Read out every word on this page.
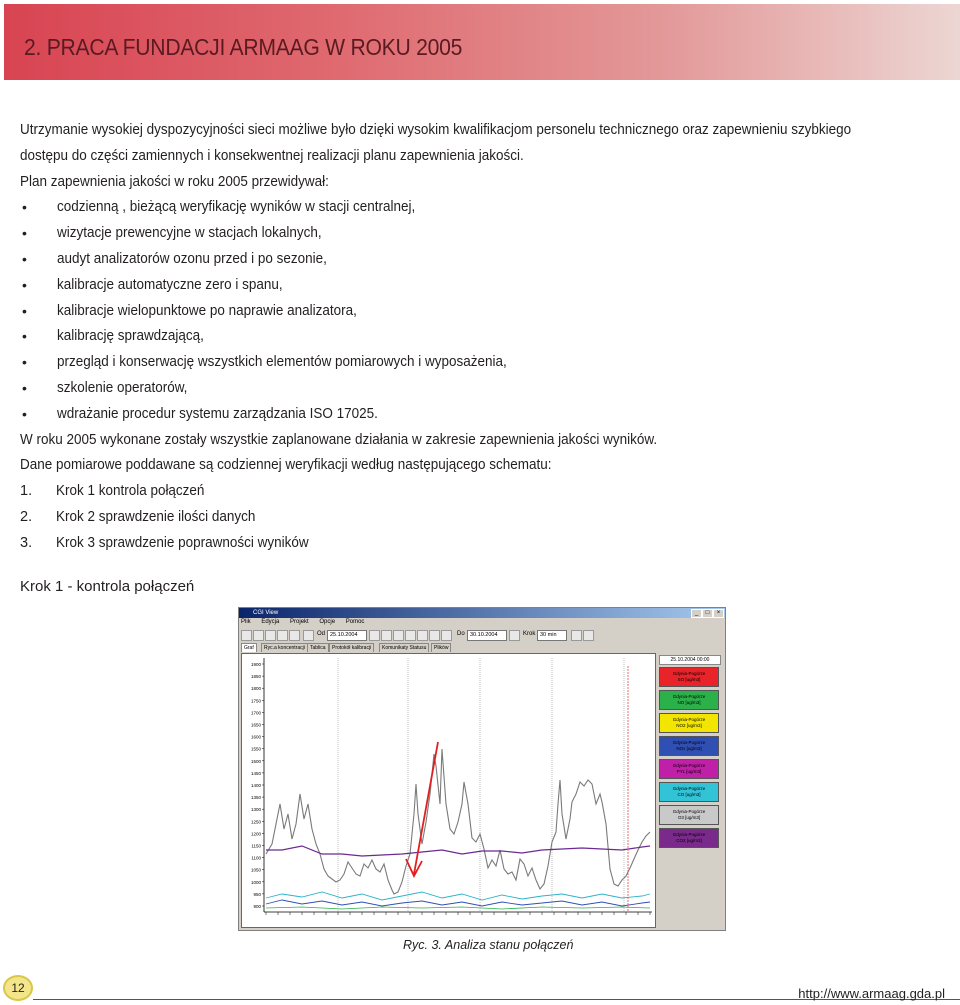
2. PRACA FUNDACJI ARMAAG W ROKU 2005

Utrzymanie wysokiej dyspozycyjności sieci możliwe było dzięki wysokim kwalifikacjom personelu technicznego oraz zapewnieniu szybkiego

dostępu do części zamiennych i konsekwentnej realizacji planu zapewnienia jakości.

Plan zapewnienia jakości w roku 2005 przewidywał:

• codzienną , bieżącą weryfikację wyników w stacji centralnej,
• wizytacje prewencyjne w stacjach lokalnych,
• audyt analizatorów ozonu przed i po sezonie,
• kalibracje automatyczne zero i spanu,
• kalibracje wielopunktowe po naprawie analizatora,
• kalibrację sprawdzającą,
• przegląd i konserwację wszystkich elementów pomiarowych i wyposażenia,
• szkolenie operatorów,
• wdrażanie procedur systemu zarządzania ISO 17025.

W roku 2005 wykonane zostały wszystkie zaplanowane działania w zakresie zapewnienia jakości wyników.

Dane pomiarowe poddawane są codziennej weryfikacji według następującego schematu:

1. Krok 1 kontrola połączeń
2. Krok 2 sprawdzenie ilości danych
3. Krok 3 sprawdzenie poprawności wyników
Krok 1 - kontrola połączeń
CGI View	_	□	×
Plik Edycja Projekt Opcje Pomoc
Od 25.10.2004	Do 30.10.2004	Krok 30 min
Graf	Ryc.a koncentracji	Tablica	Protokół kalibracji	Komunikaty Statusu	Plików
1900
1850
1800
1750
1700
1650
1600
1550
1500
1450
1400
1350
1300
1250
1200
1150
1100
1050
1000
950
900
25.10.2004 00:00
Gdynia-Pogórze
SO [ug/m3]
Gdynia-Pogórze
NO [ug/m3]
Gdynia-Pogórze
NO2 [ug/m3]
Gdynia-Pogórze
NOx [ug/m3]
Gdynia-Pogórze
PYL [ug/m3]
Gdynia-Pogórze
CO [ug/m3]
Gdynia-Pogórze
O3 [ug/m3]
Gdynia-Pogórze
CO2 [ug/m3]
Ryc. 3. Analiza stanu połączeń
12	http://www.armaag.gda.pl
